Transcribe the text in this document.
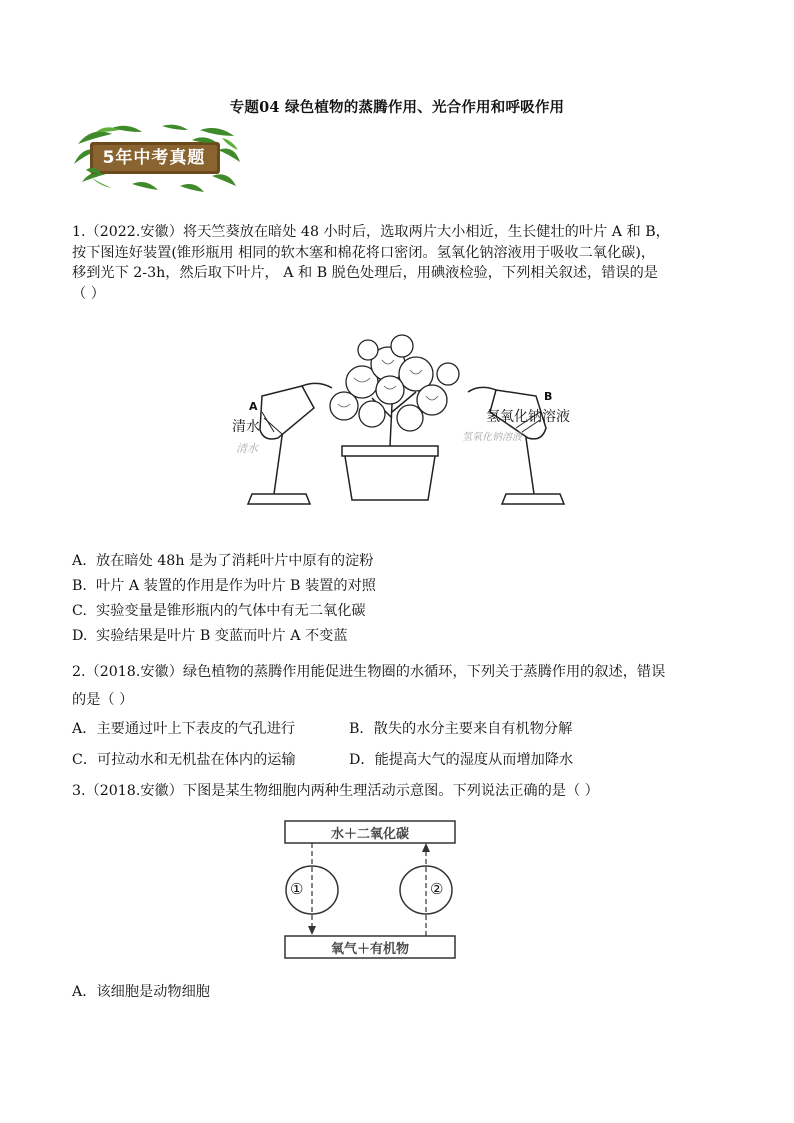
专题04 绿色植物的蒸腾作用、光合作用和呼吸作用
5年中考真题
1.（2022.安徽）将天竺葵放在暗处 48 小时后，选取两片大小相近，生长健壮的叶片 A 和 B，
按下图连好装置(锥形瓶用 相同的软木塞和棉花将口密闭。氢氧化钠溶液用于吸收二氧化碳)，
移到光下 2-3h，然后取下叶片， A 和 B 脱色处理后，用碘液检验，下列相关叙述，错误的是
（ ）
A
清水
清水
B
氢氧化钠溶液
氢氧化钠溶液
A. 放在暗处 48h 是为了消耗叶片中原有的淀粉
B. 叶片 A 装置的作用是作为叶片 B 装置的对照
C. 实验变量是锥形瓶内的气体中有无二氧化碳
D. 实验结果是叶片 B 变蓝而叶片 A 不变蓝
2.（2018.安徽）绿色植物的蒸腾作用能促进生物圈的水循环，下列关于蒸腾作用的叙述，错误
的是（ ）
A．主要通过叶上下表皮的气孔进行	B．散失的水分主要来自有机物分解
C．可拉动水和无机盐在体内的运输	D．能提高大气的湿度从而增加降水
3.（2018.安徽）下图是某生物细胞内两种生理活动示意图。下列说法正确的是（ ）
水＋二氧化碳
氧气＋有机物
①	②
A．该细胞是动物细胞
